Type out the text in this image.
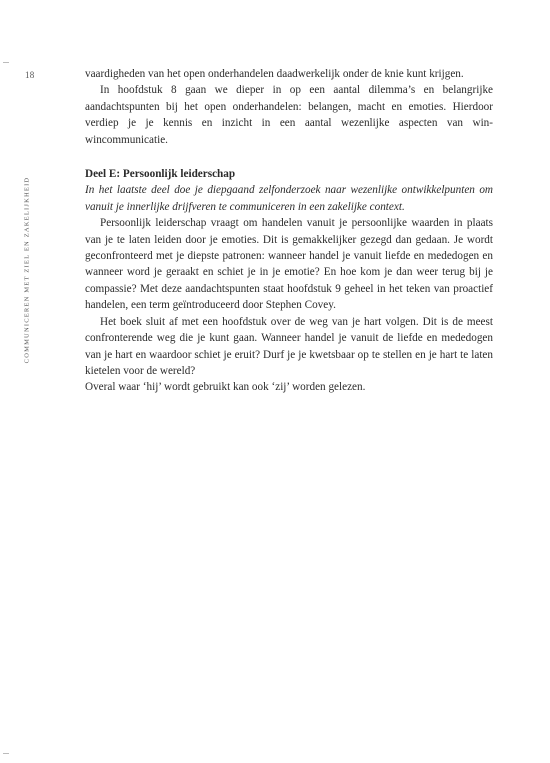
18
COMMUNICEREN MET ZIEL EN ZAKELIJKHEID

vaardigheden van het open onderhandelen daadwerkelijk onder de knie kunt krijgen.

In hoofdstuk 8 gaan we dieper in op een aantal dilemma’s en belangrijke aandachtspunten bij het open onderhandelen: belangen, macht en emoties. Hierdoor verdiep je je kennis en inzicht in een aantal wezenlijke aspecten van win-wincommunicatie.

Deel E: Persoonlijk leiderschap

In het laatste deel doe je diepgaand zelfonderzoek naar wezenlijke ontwikkelpunten om vanuit je innerlijke drijfveren te communiceren in een zakelijke context.

Persoonlijk leiderschap vraagt om handelen vanuit je persoonlijke waarden in plaats van je te laten leiden door je emoties. Dit is gemakkelijker gezegd dan gedaan. Je wordt geconfronteerd met je diepste patronen: wanneer handel je vanuit liefde en mededogen en wanneer word je geraakt en schiet je in je emotie? En hoe kom je dan weer terug bij je compassie? Met deze aandachtspunten staat hoofdstuk 9 geheel in het teken van proactief handelen, een term geïntroduceerd door Stephen Covey.

Het boek sluit af met een hoofdstuk over de weg van je hart volgen. Dit is de meest confronterende weg die je kunt gaan. Wanneer handel je vanuit de liefde en mededogen van je hart en waardoor schiet je eruit? Durf je je kwetsbaar op te stellen en je hart te laten kietelen voor de wereld?

Overal waar ‘hij’ wordt gebruikt kan ook ‘zij’ worden gelezen.
